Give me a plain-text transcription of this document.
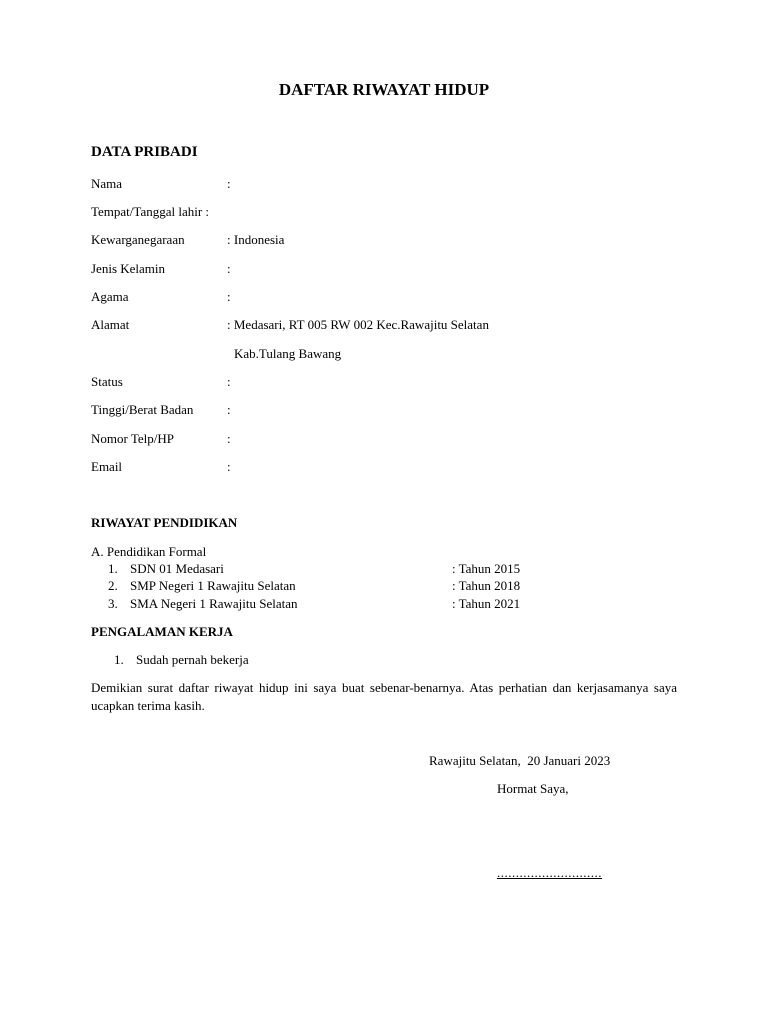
DAFTAR RIWAYAT HIDUP
DATA PRIBADI
Nama	:
Tempat/Tanggal lahir :
Kewarganegaraan	: Indonesia
Jenis Kelamin	:
Agama	:
Alamat	: Medasari, RT 005 RW 002 Kec.Rawajitu Selatan
Kab.Tulang Bawang
Status	:
Tinggi/Berat Badan	:
Nomor Telp/HP	:
Email	:
RIWAYAT PENDIDIKAN
A. Pendidikan Formal
1. SDN 01 Medasari	: Tahun 2015
2. SMP Negeri 1 Rawajitu Selatan	: Tahun 2018
3. SMA Negeri 1 Rawajitu Selatan	: Tahun 2021
PENGALAMAN KERJA
1. Sudah pernah bekerja
Demikian surat daftar riwayat hidup ini saya buat sebenar-benarnya. Atas perhatian dan kerjasamanya saya ucapkan terima kasih.
Rawajitu Selatan,  20 Januari 2023
Hormat Saya,
............................
